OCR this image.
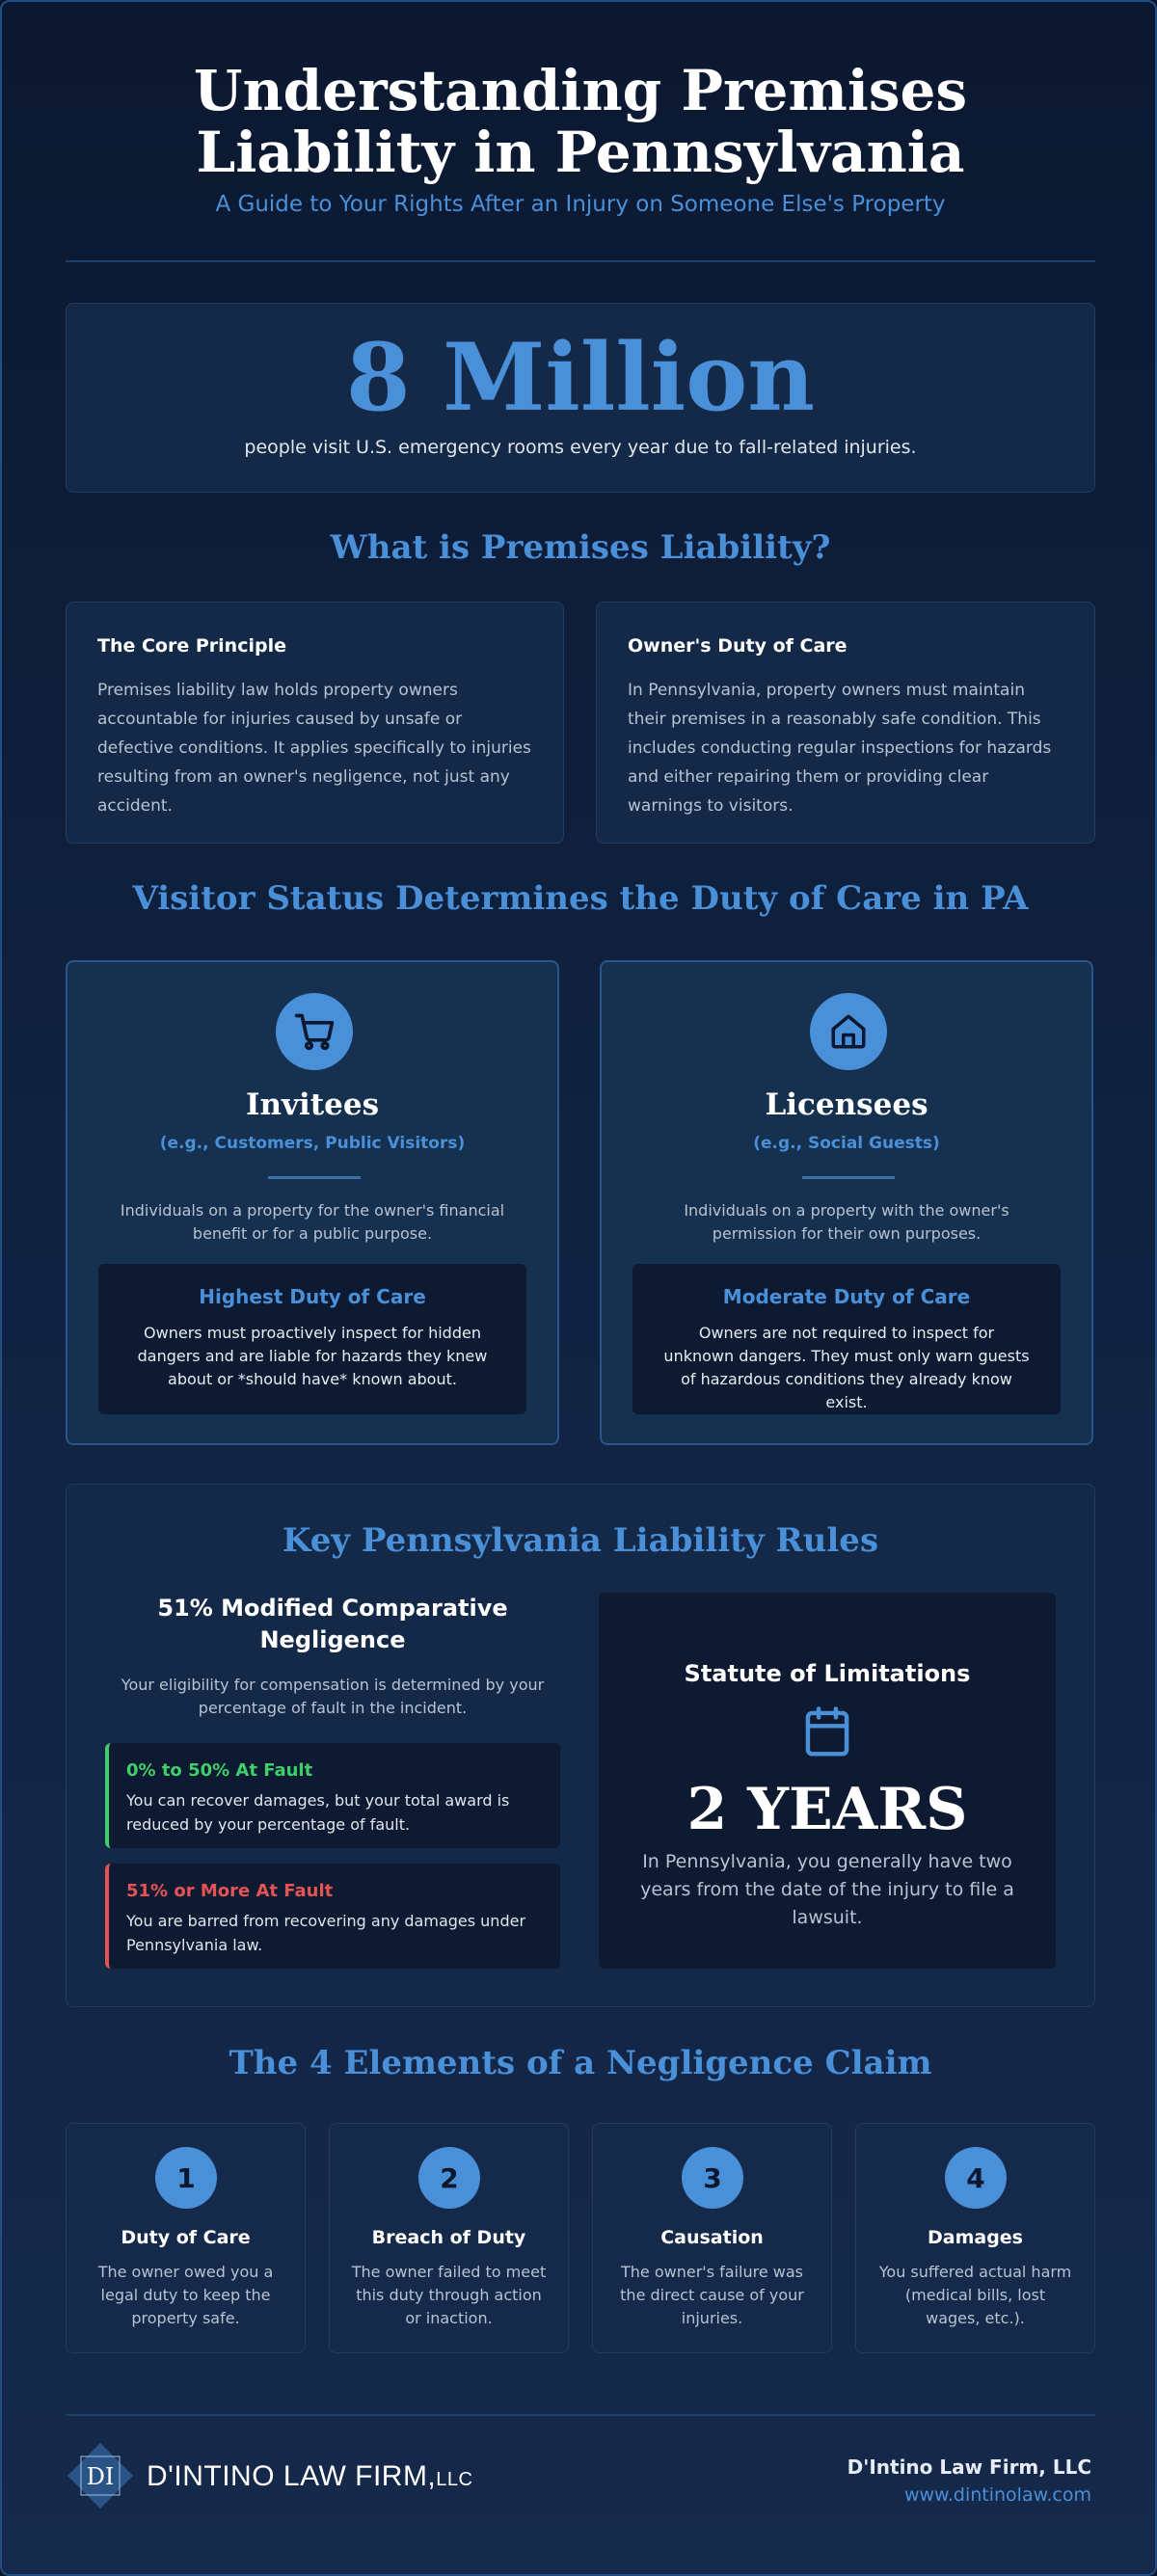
Understanding Premises Liability in Pennsylvania
A Guide to Your Rights After an Injury on Someone Else's Property
8 Million
people visit U.S. emergency rooms every year due to fall-related injuries.
What is Premises Liability?
The Core Principle

Premises liability law holds property owners accountable for injuries caused by unsafe or defective conditions. It applies specifically to injuries resulting from an owner's negligence, not just any accident.

Owner's Duty of Care

In Pennsylvania, property owners must maintain their premises in a reasonably safe condition. This includes conducting regular inspections for hazards and either repairing them or providing clear warnings to visitors.

Visitor Status Determines the Duty of Care in PA
Invitees
(e.g., Customers, Public Visitors)
Individuals on a property for the owner's financial benefit or for a public purpose.
Highest Duty of Care

Owners must proactively inspect for hidden dangers and are liable for hazards they knew about or *should have* known about.

Licensees
(e.g., Social Guests)
Individuals on a property with the owner's permission for their own purposes.
Moderate Duty of Care

Owners are not required to inspect for unknown dangers. They must only warn guests of hazardous conditions they already know exist.

Key Pennsylvania Liability Rules
51% Modified Comparative Negligence
Your eligibility for compensation is determined by your percentage of fault in the incident.
0% to 50% At Fault

You can recover damages, but your total award is reduced by your percentage of fault.

51% or More At Fault

You are barred from recovering any damages under Pennsylvania law.

Statute of Limitations
2 YEARS
In Pennsylvania, you generally have two years from the date of the injury to file a lawsuit.
The 4 Elements of a Negligence Claim
1
Duty of Care
The owner owed you a legal duty to keep the property safe.
2
Breach of Duty
The owner failed to meet this duty through action or inaction.
3
Causation
The owner's failure was the direct cause of your injuries.
4
Damages
You suffered actual harm (medical bills, lost wages, etc.).
DI D'INTINO LAW FIRM,LLC
D'Intino Law Firm, LLC
www.dintinolaw.com
